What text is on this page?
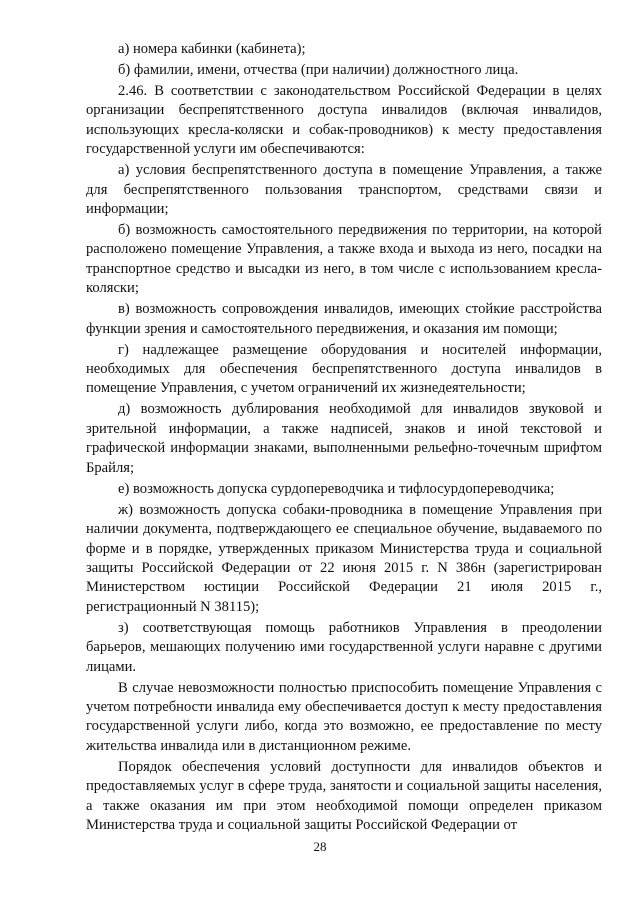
а) номера кабинки (кабинета);

б) фамилии, имени, отчества (при наличии) должностного лица.

2.46. В соответствии с законодательством Российской Федерации в целях организации беспрепятственного доступа инвалидов (включая инвалидов, использующих кресла-коляски и собак-проводников) к месту предоставления государственной услуги им обеспечиваются:

а) условия беспрепятственного доступа в помещение Управления, а также для беспрепятственного пользования транспортом, средствами связи и информации;

б) возможность самостоятельного передвижения по территории, на которой расположено помещение Управления, а также входа и выхода из него, посадки на транспортное средство и высадки из него, в том числе с использованием кресла-коляски;

в) возможность сопровождения инвалидов, имеющих стойкие расстройства функции зрения и самостоятельного передвижения, и оказания им помощи;

г) надлежащее размещение оборудования и носителей информации, необходимых для обеспечения беспрепятственного доступа инвалидов в помещение Управления, с учетом ограничений их жизнедеятельности;

д) возможность дублирования необходимой для инвалидов звуковой и зрительной информации, а также надписей, знаков и иной текстовой и графической информации знаками, выполненными рельефно-точечным шрифтом Брайля;

е) возможность допуска сурдопереводчика и тифлосурдопереводчика;

ж) возможность допуска собаки-проводника в помещение Управления при наличии документа, подтверждающего ее специальное обучение, выдаваемого по форме и в порядке, утвержденных приказом Министерства труда и социальной защиты Российской Федерации от 22 июня 2015 г. N 386н (зарегистрирован Министерством юстиции Российской Федерации 21 июля 2015 г., регистрационный N 38115);

з) соответствующая помощь работников Управления в преодолении барьеров, мешающих получению ими государственной услуги наравне с другими лицами.

В случае невозможности полностью приспособить помещение Управления с учетом потребности инвалида ему обеспечивается доступ к месту предоставления государственной услуги либо, когда это возможно, ее предоставление по месту жительства инвалида или в дистанционном режиме.

Порядок обеспечения условий доступности для инвалидов объектов и предоставляемых услуг в сфере труда, занятости и социальной защиты населения, а также оказания им при этом необходимой помощи определен приказом Министерства труда и социальной защиты Российской Федерации от

28
